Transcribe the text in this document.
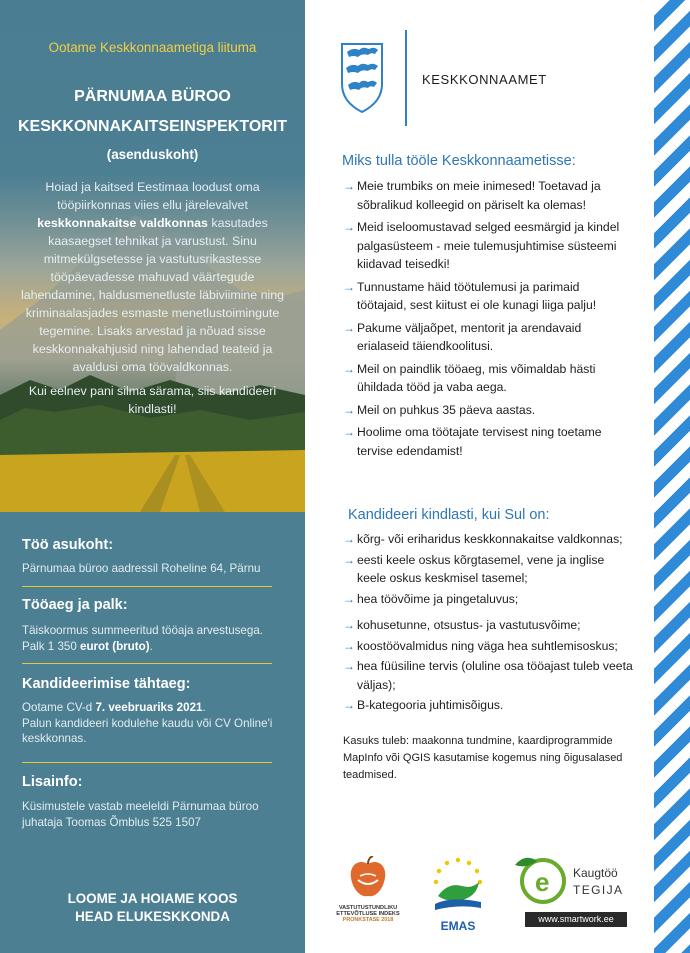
Ootame Keskkonnaametiga liituma
PÄRNUMAA BÜROO
KESKKONNAKAITSEINSPEKTORIT
(asenduskoht)
Hoiad ja kaitsed Eestimaa loodust oma tööpiirkonnas viies ellu järelevalvet keskkonnakaitse valdkonnas kasutades kaasaegset tehnikat ja varustust. Sinu mitmekülgsetesse ja vastutusrikastesse tööpäevadesse mahuvad väärtegude lahendamine, haldusmenetluste läbiviimine ning kriminaalasjades esmaste menetlustoimingute tegemine. Lisaks arvestad ja nõuad sisse keskkonnakahjusid ning lahendad teateid ja avaldusi oma töövaldkonnas.
Kui eelnev pani silma särama, siis kandideeri kindlasti!
Töö asukoht:
Pärnumaa büroo aadressil Roheline 64, Pärnu
Tööaeg ja palk:
Täiskoormus summeeritud tööaja arvestusega.
Palk 1 350 eurot (bruto).
Kandideerimise tähtaeg:
Ootame CV-d 7. veebruariks 2021.
Palun kandideeri kodulehe kaudu või CV Online'i keskkonnas.
Lisainfo:
Küsimustele vastab meeleldi Pärnumaa büroo juhataja Toomas Õmblus 525 1507
LOOME JA HOIAME KOOS
HEAD ELUKESKKONDA
KESKKONNAAMET
Miks tulla tööle Keskkonnaametisse:
→ Meie trumbiks on meie inimesed! Toetavad ja sõbralikud kolleegid on päriselt ka olemas!
→ Meid iseloomustavad selged eesmärgid ja kindel palgasüsteem - meie tulemusjuhtimise süsteemi kiidavad teisedki!
→ Tunnustame häid töötulemusi ja parimaid töötajaid, sest kiitust ei ole kunagi liiga palju!
→ Pakume väljaõpet, mentorit ja arendavaid erialaseid täiendkoolitusi.
→ Meil on paindlik tööaeg, mis võimaldab hästi ühildada tööd ja vaba aega.
→ Meil on puhkus 35 päeva aastas.
→ Hoolime oma töötajate tervisest ning toetame tervise edendamist!
Kandideeri kindlasti, kui Sul on:
→ kõrg- või eriharidus keskkonnakaitse valdkonnas;
→ eesti keele oskus kõrgtasemel, vene ja inglise keele oskus keskmisel tasemel;
→ hea töövõime ja pingetaluvus;
→ kohusetunne, otsustus- ja vastutusvõime;
→ koostöövalmidus ning väga hea suhtlemisoskus;
→ hea füüsiline tervis (oluline osa tööajast tuleb veeta väljas);
→ B-kategooria juhtimisõigus.
Kasuks tuleb: maakonna tundmine, kaardiprogrammide MapInfo või QGIS kasutamise kogemus ning õigusalased teadmised.
VASTUTUSTUNDLIKU
ETTEVÕTLUSE INDEKS
PRONKSTASE 2018	EMAS
e Kaugtöö
TEGIJA
www.smartwork.ee
